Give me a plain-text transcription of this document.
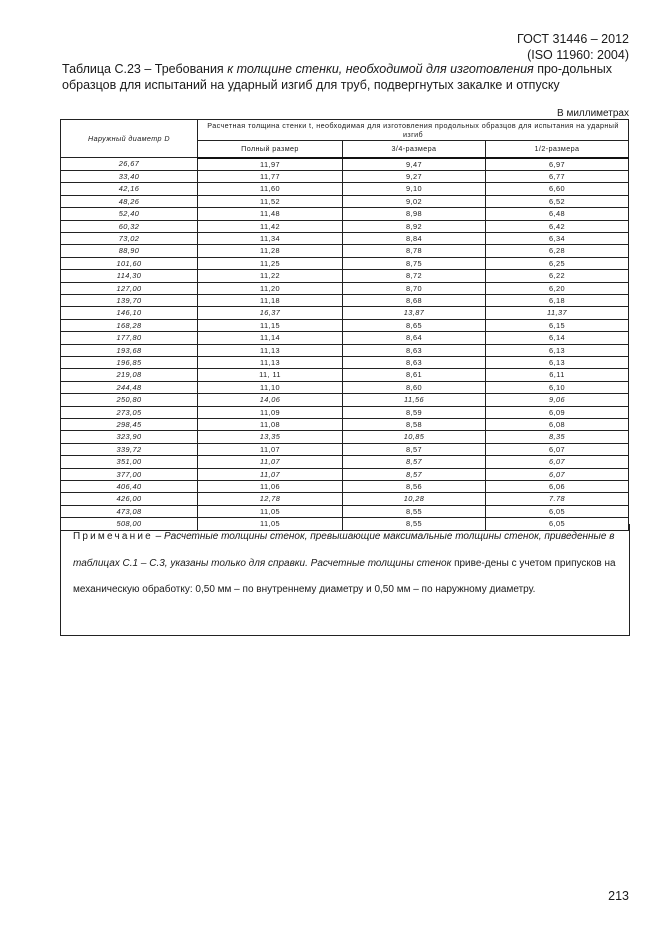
ГОСТ 31446 – 2012
(ISO 11960: 2004)
Таблица С.23 – Требования к толщине стенки, необходимой для изготовления про-дольных образцов для испытаний на ударный изгиб для труб, подвергнутых закалке и отпуску
В миллиметрах
Наружный диаметр D	Расчетная толщина стенки t, необходимая для изготовления продольных образцов для испытания на ударный изгиб		
	Полный размер	3/4-размера	1/2-размера
26,67	11,97	9,47	6,97
33,40	11,77	9,27	6,77
42,16	11,60	9,10	6,60
48,26	11,52	9,02	6,52
52,40	11,48	8,98	6,48
60,32	11,42	8,92	6,42
73,02	11,34	8,84	6,34
88,90	11,28	8,78	6,28
101,60	11,25	8,75	6,25
114,30	11,22	8,72	6,22
127,00	11,20	8,70	6,20
139,70	11,18	8,68	6,18
146,10	16,37	13,87	11,37
168,28	11,15	8,65	6,15
177,80	11,14	8,64	6,14
193,68	11,13	8,63	6,13
196,85	11,13	8,63	6,13
219,08	11, 11	8,61	6,11
244,48	11,10	8,60	6,10
250,80	14,06	11,56	9,06
273,05	11,09	8,59	6,09
298,45	11,08	8,58	6,08
323,90	13,35	10,85	8,35
339,72	11,07	8,57	6,07
351,00	11,07	8,57	6,07
377,00	11,07	8,57	6,07
406,40	11,06	8,56	6,06
426,00	12,78	10,28	7.78
473,08	11,05	8,55	6,05
508,00	11,05	8,55	6,05
Примечание – Расчетные толщины стенок, превышающие максимальные толщины стенок, приведенные в таблицах С.1 – С.3, указаны только для справки. Расчетные толщины стенок приве-дены с учетом припусков на механическую обработку: 0,50 мм – по внутреннему диаметру и 0,50 мм – по наружному диаметру.
213
